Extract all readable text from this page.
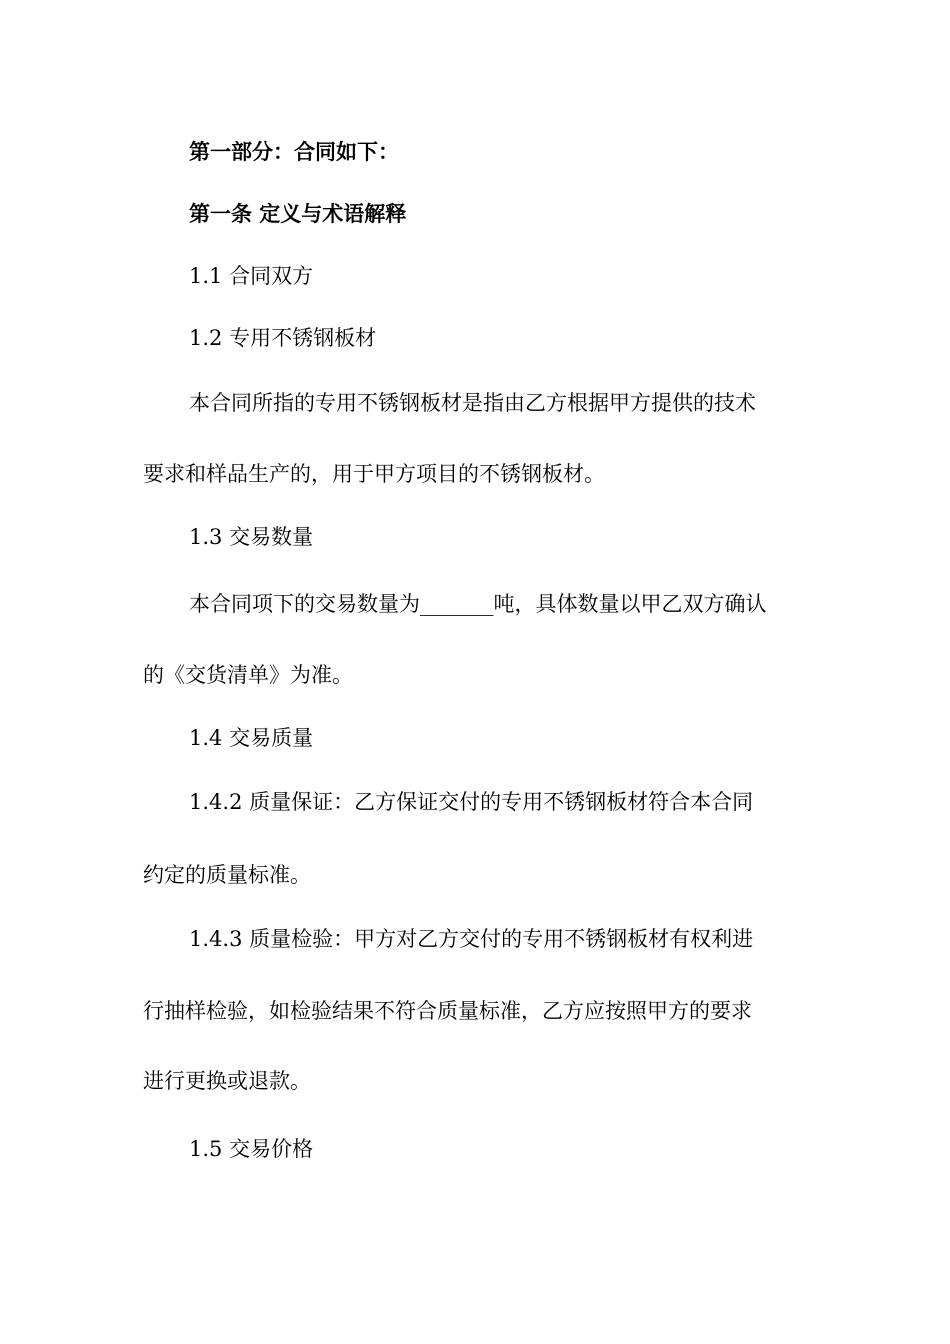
第一部分：合同如下：

第一条 定义与术语解释

1.1 合同双方

1.2 专用不锈钢板材

本合同所指的专用不锈钢板材是指由乙方根据甲方提供的技术

要求和样品生产的，用于甲方项目的不锈钢板材。

1.3 交易数量

本合同项下的交易数量为_______吨，具体数量以甲乙双方确认

的《交货清单》为准。

1.4 交易质量

1.4.2 质量保证：乙方保证交付的专用不锈钢板材符合本合同

约定的质量标准。

1.4.3 质量检验：甲方对乙方交付的专用不锈钢板材有权利进

行抽样检验，如检验结果不符合质量标准，乙方应按照甲方的要求

进行更换或退款。

1.5 交易价格
